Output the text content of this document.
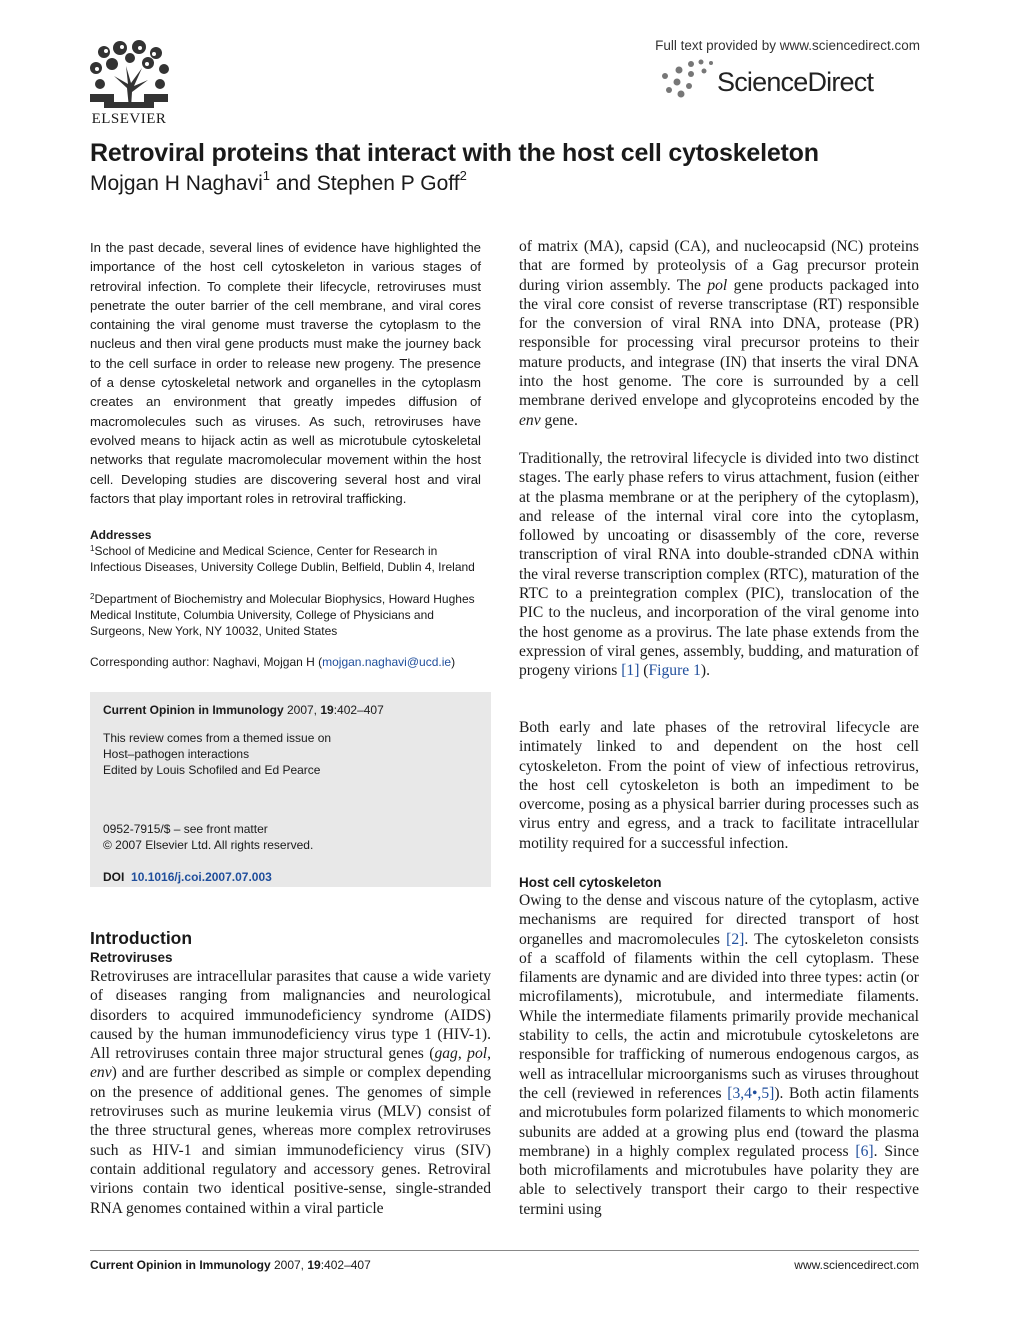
ELSEVIER
Full text provided by www.sciencedirect.com
ScienceDirect
Retroviral proteins that interact with the host cell cytoskeleton
Mojgan H Naghavi$^1$ and Stephen P Goff$^2$
In the past decade, several lines of evidence have highlighted the importance of the host cell cytoskeleton in various stages of retroviral infection. To complete their lifecycle, retroviruses must penetrate the outer barrier of the cell membrane, and viral cores containing the viral genome must traverse the cytoplasm to the nucleus and then viral gene products must make the journey back to the cell surface in order to release new progeny. The presence of a dense cytoskeletal network and organelles in the cytoplasm creates an environment that greatly impedes diffusion of macromolecules such as viruses. As such, retroviruses have evolved means to hijack actin as well as microtubule cytoskeletal networks that regulate macromolecular movement within the host cell. Developing studies are discovering several host and viral factors that play important roles in retroviral trafficking.
Addresses
$^1$School of Medicine and Medical Science, Center for Research in Infectious Diseases, University College Dublin, Belfield, Dublin 4, Ireland
$^2$Department of Biochemistry and Molecular Biophysics, Howard Hughes Medical Institute, Columbia University, College of Physicians and Surgeons, New York, NY 10032, United States
Corresponding author: Naghavi, Mojgan H (mojgan.naghavi@ucd.ie)
Current Opinion in Immunology 2007, 19:402–407
This review comes from a themed issue on
Host–pathogen interactions
Edited by Louis Schofiled and Ed Pearce
0952-7915/$ – see front matter
© 2007 Elsevier Ltd. All rights reserved.
DOI 10.1016/j.coi.2007.07.003
Introduction
Retroviruses
Retroviruses are intracellular parasites that cause a wide variety of diseases ranging from malignancies and neurological disorders to acquired immunodeficiency syndrome (AIDS) caused by the human immunodeficiency virus type 1 (HIV-1). All retroviruses contain three major structural genes (gag, pol, env) and are further described as simple or complex depending on the presence of additional genes. The genomes of simple retroviruses such as murine leukemia virus (MLV) consist of the three structural genes, whereas more complex retroviruses such as HIV-1 and simian immunodeficiency virus (SIV) contain additional regulatory and accessory genes. Retroviral virions contain two identical positive-sense, single-stranded RNA genomes contained within a viral particle
of matrix (MA), capsid (CA), and nucleocapsid (NC) proteins that are formed by proteolysis of a Gag precursor protein during virion assembly. The pol gene products packaged into the viral core consist of reverse transcriptase (RT) responsible for the conversion of viral RNA into DNA, protease (PR) responsible for processing viral precursor proteins to their mature products, and integrase (IN) that inserts the viral DNA into the host genome. The core is surrounded by a cell membrane derived envelope and glycoproteins encoded by the env gene.
Traditionally, the retroviral lifecycle is divided into two distinct stages. The early phase refers to virus attachment, fusion (either at the plasma membrane or at the periphery of the cytoplasm), and release of the internal viral core into the cytoplasm, followed by uncoating or disassembly of the core, reverse transcription of viral RNA into double-stranded cDNA within the viral reverse transcription complex (RTC), maturation of the RTC to a preintegration complex (PIC), translocation of the PIC to the nucleus, and incorporation of the viral genome into the host genome as a provirus. The late phase extends from the expression of viral genes, assembly, budding, and maturation of progeny virions [1] (Figure 1).
Both early and late phases of the retroviral lifecycle are intimately linked to and dependent on the host cell cytoskeleton. From the point of view of infectious retrovirus, the host cell cytoskeleton is both an impediment to be overcome, posing as a physical barrier during processes such as virus entry and egress, and a track to facilitate intracellular motility required for a successful infection.
Host cell cytoskeleton
Owing to the dense and viscous nature of the cytoplasm, active mechanisms are required for directed transport of host organelles and macromolecules [2]. The cytoskeleton consists of a scaffold of filaments within the cell cytoplasm. These filaments are dynamic and are divided into three types: actin (or microfilaments), microtubule, and intermediate filaments. While the intermediate filaments primarily provide mechanical stability to cells, the actin and microtubule cytoskeletons are responsible for trafficking of numerous endogenous cargos, as well as intracellular microorganisms such as viruses throughout the cell (reviewed in references [3,4•,5]). Both actin filaments and microtubules form polarized filaments to which monomeric subunits are added at a growing plus end (toward the plasma membrane) in a highly complex regulated process [6]. Since both microfilaments and microtubules have polarity they are able to selectively transport their cargo to their respective termini using
Current Opinion in Immunology 2007, 19:402–407	www.sciencedirect.com
